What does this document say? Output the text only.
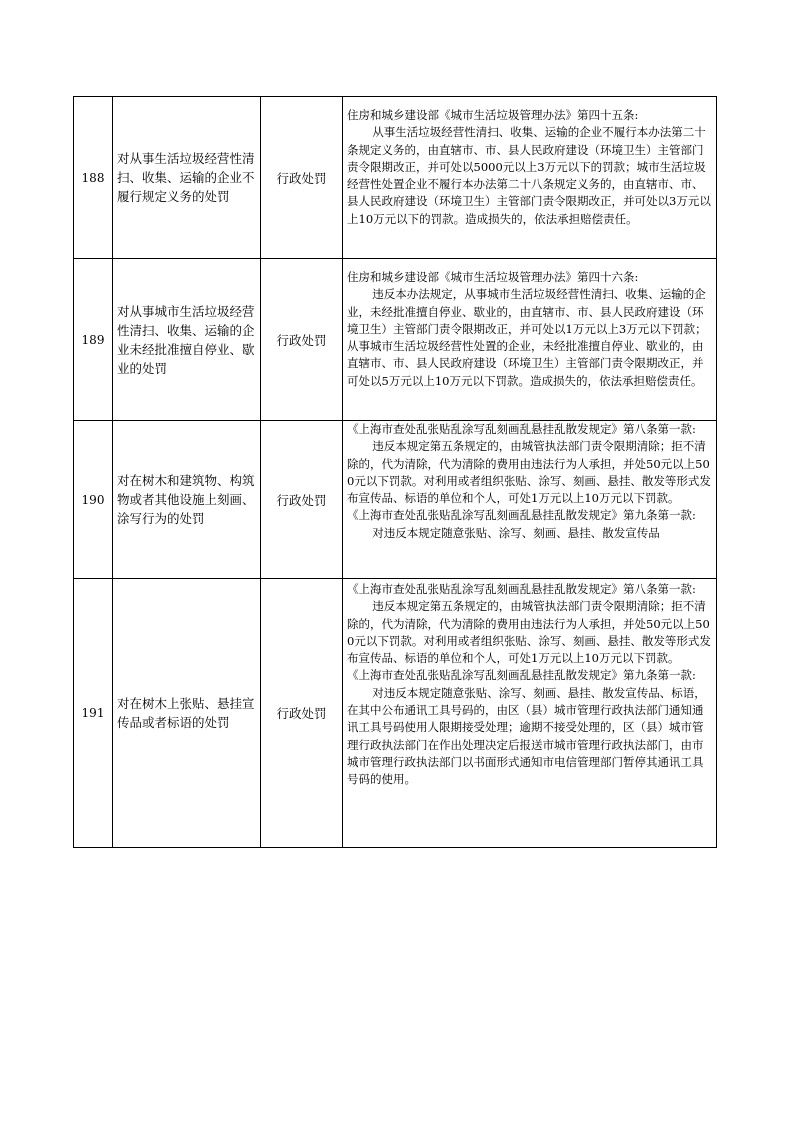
188	对从事生活垃圾经营性清扫、收集、运输的企业不履行规定义务的处罚	行政处罚	住房和城乡建设部《城市生活垃圾管理办法》第四十五条:

从事生活垃圾经营性清扫、收集、运输的企业不履行本办法第二十条规定义务的，由直辖市、市、县人民政府建设（环境卫生）主管部门责令限期改正，并可处以5000元以上3万元以下的罚款；城市生活垃圾经营性处置企业不履行本办法第二十八条规定义务的，由直辖市、市、县人民政府建设（环境卫生）主管部门责令限期改正，并可处以3万元以上10万元以下的罚款。造成损失的，依法承担赔偿责任。

189	对从事城市生活垃圾经营性清扫、收集、运输的企业未经批准擅自停业、歇业的处罚	行政处罚	住房和城乡建设部《城市生活垃圾管理办法》第四十六条:

违反本办法规定，从事城市生活垃圾经营性清扫、收集、运输的企业，未经批准擅自停业、歇业的，由直辖市、市、县人民政府建设（环境卫生）主管部门责令限期改正，并可处以1万元以上3万元以下罚款；从事城市生活垃圾经营性处置的企业，未经批准擅自停业、歇业的，由直辖市、市、县人民政府建设（环境卫生）主管部门责令限期改正，并可处以5万元以上10万元以下罚款。造成损失的，依法承担赔偿责任。

190	对在树木和建筑物、构筑物或者其他设施上刻画、涂写行为的处罚	行政处罚	《上海市查处乱张贴乱涂写乱刻画乱悬挂乱散发规定》第八条第一款:

违反本规定第五条规定的，由城管执法部门责令限期清除；拒不清除的，代为清除，代为清除的费用由违法行为人承担，并处50元以上500元以下罚款。对利用或者组织张贴、涂写、刻画、悬挂、散发等形式发布宣传品、标语的单位和个人，可处1万元以上10万元以下罚款。

《上海市查处乱张贴乱涂写乱刻画乱悬挂乱散发规定》第九条第一款:

对违反本规定随意张贴、涂写、刻画、悬挂、散发宣传品

191	对在树木上张贴、悬挂宣传品或者标语的处罚	行政处罚	《上海市查处乱张贴乱涂写乱刻画乱悬挂乱散发规定》第八条第一款:

违反本规定第五条规定的，由城管执法部门责令限期清除；拒不清除的，代为清除，代为清除的费用由违法行为人承担，并处50元以上500元以下罚款。对利用或者组织张贴、涂写、刻画、悬挂、散发等形式发布宣传品、标语的单位和个人，可处1万元以上10万元以下罚款。

《上海市查处乱张贴乱涂写乱刻画乱悬挂乱散发规定》第九条第一款:

对违反本规定随意张贴、涂写、刻画、悬挂、散发宣传品、标语，在其中公布通讯工具号码的，由区（县）城市管理行政执法部门通知通讯工具号码使用人限期接受处理；逾期不接受处理的，区（县）城市管理行政执法部门在作出处理决定后报送市城市管理行政执法部门，由市城市管理行政执法部门以书面形式通知市电信管理部门暂停其通讯工具号码的使用。
